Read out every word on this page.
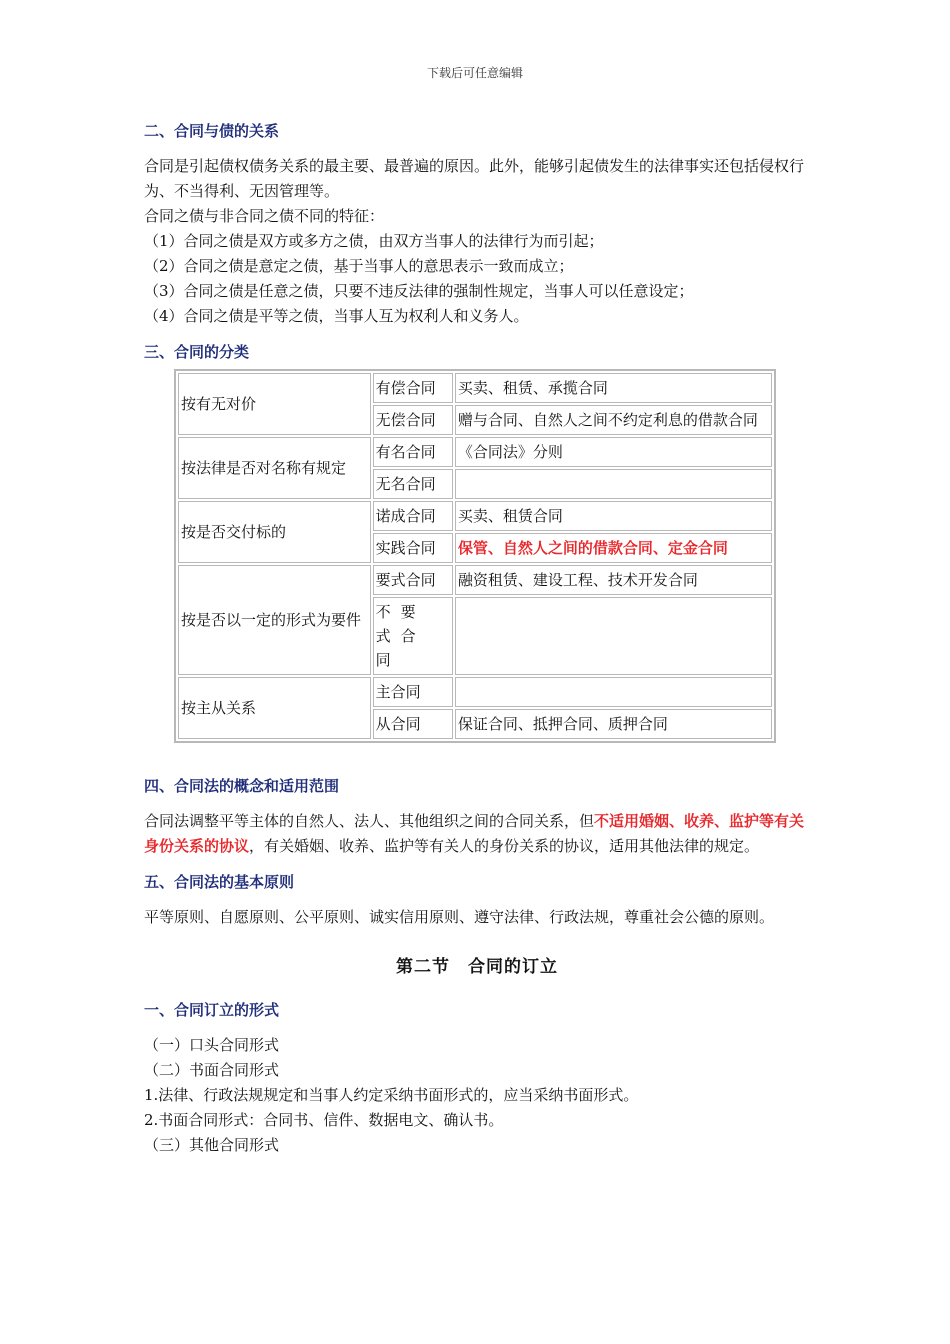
下载后可任意编辑
二、合同与债的关系

合同是引起债权债务关系的最主要、最普遍的原因。此外，能够引起债发生的法律事实还包括侵权行为、不当得利、无因管理等。

合同之债与非合同之债不同的特征：

（1）合同之债是双方或多方之债，由双方当事人的法律行为而引起；

（2）合同之债是意定之债，基于当事人的意思表示一致而成立；

（3）合同之债是任意之债，只要不违反法律的强制性规定，当事人可以任意设定；

（4）合同之债是平等之债，当事人互为权利人和义务人。

三、合同的分类
按有无对价	有偿合同	买卖、租赁、承揽合同
	无偿合同	赠与合同、自然人之间不约定利息的借款合同
按法律是否对名称有规定	有名合同	《合同法》分则
	无名合同	
按是否交付标的	诺成合同	买卖、租赁合同
	实践合同	保管、自然人之间的借款合同、定金合同
按是否以一定的形式为要件	要式合同	融资租赁、建设工程、技术开发合同
	不要式合同	
按主从关系	主合同	
	从合同	保证合同、抵押合同、质押合同
四、合同法的概念和适用范围

合同法调整平等主体的自然人、法人、其他组织之间的合同关系，但不适用婚姻、收养、监护等有关身份关系的协议，有关婚姻、收养、监护等有关人的身份关系的协议，适用其他法律的规定。

五、合同法的基本原则

平等原则、自愿原则、公平原则、诚实信用原则、遵守法律、行政法规，尊重社会公德的原则。

第二节　合同的订立
一、合同订立的形式

（一）口头合同形式

（二）书面合同形式

1.法律、行政法规规定和当事人约定采纳书面形式的，应当采纳书面形式。

2.书面合同形式：合同书、信件、数据电文、确认书。

（三）其他合同形式
